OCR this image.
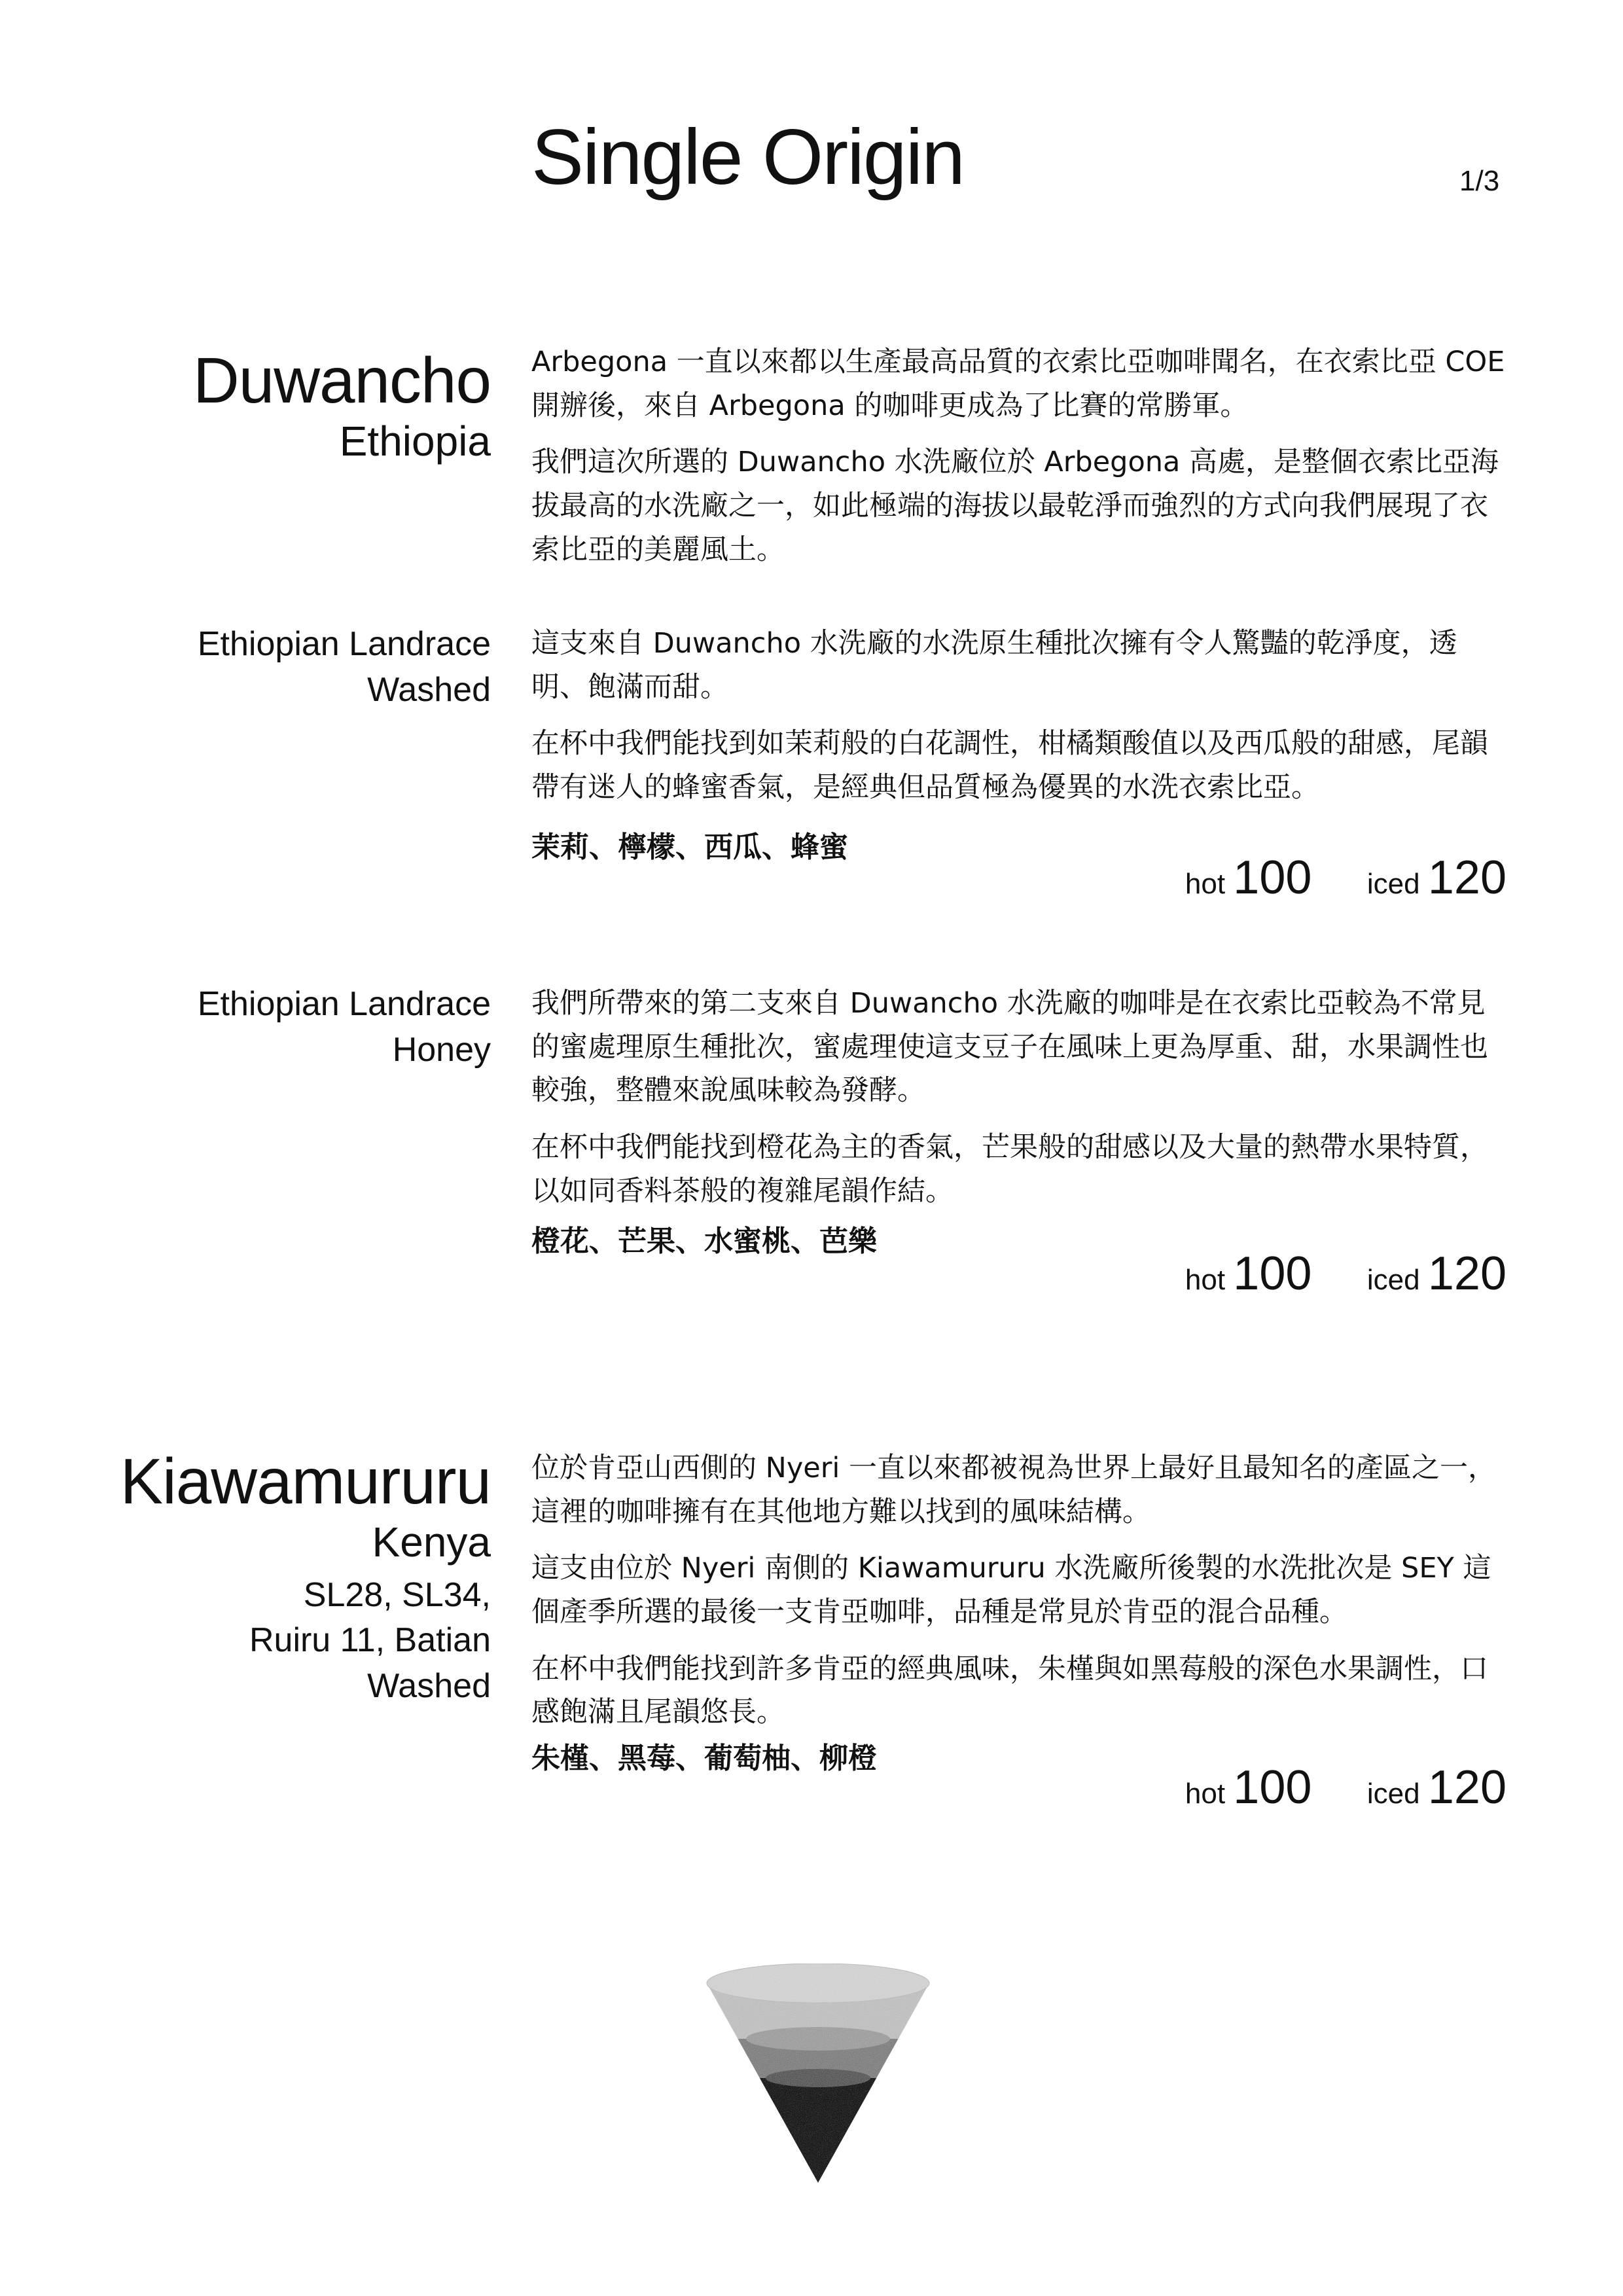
Single Origin	1/3
Duwancho
Ethiopia

Arbegona 一直以來都以生產最高品質的衣索比亞咖啡聞名，在衣索比亞 COE 開辦後，來自 Arbegona 的咖啡更成為了比賽的常勝軍。

我們這次所選的 Duwancho 水洗廠位於 Arbegona 高處，是整個衣索比亞海拔最高的水洗廠之一，如此極端的海拔以最乾淨而強烈的方式向我們展現了衣索比亞的美麗風土。

Ethiopian Landrace
Washed

這支來自 Duwancho 水洗廠的水洗原生種批次擁有令人驚豔的乾淨度，透明、飽滿而甜。

在杯中我們能找到如茉莉般的白花調性，柑橘類酸值以及西瓜般的甜感，尾韻帶有迷人的蜂蜜香氣，是經典但品質極為優異的水洗衣索比亞。

茉莉、檸檬、西瓜、蜂蜜
hot 100 iced 120
Ethiopian Landrace
Honey

我們所帶來的第二支來自 Duwancho 水洗廠的咖啡是在衣索比亞較為不常見的蜜處理原生種批次，蜜處理使這支豆子在風味上更為厚重、甜，水果調性也較強，整體來說風味較為發酵。

在杯中我們能找到橙花為主的香氣，芒果般的甜感以及大量的熱帶水果特質，以如同香料茶般的複雜尾韻作結。

橙花、芒果、水蜜桃、芭樂
hot 100 iced 120
Kiawamururu
Kenya
SL28, SL34,
Ruiru 11, Batian
Washed

位於肯亞山西側的 Nyeri 一直以來都被視為世界上最好且最知名的產區之一，這裡的咖啡擁有在其他地方難以找到的風味結構。

這支由位於 Nyeri 南側的 Kiawamururu 水洗廠所後製的水洗批次是 SEY 這個產季所選的最後一支肯亞咖啡，品種是常見於肯亞的混合品種。

在杯中我們能找到許多肯亞的經典風味，朱槿與如黑莓般的深色水果調性，口感飽滿且尾韻悠長。

朱槿、黑莓、葡萄柚、柳橙
hot 100 iced 120
